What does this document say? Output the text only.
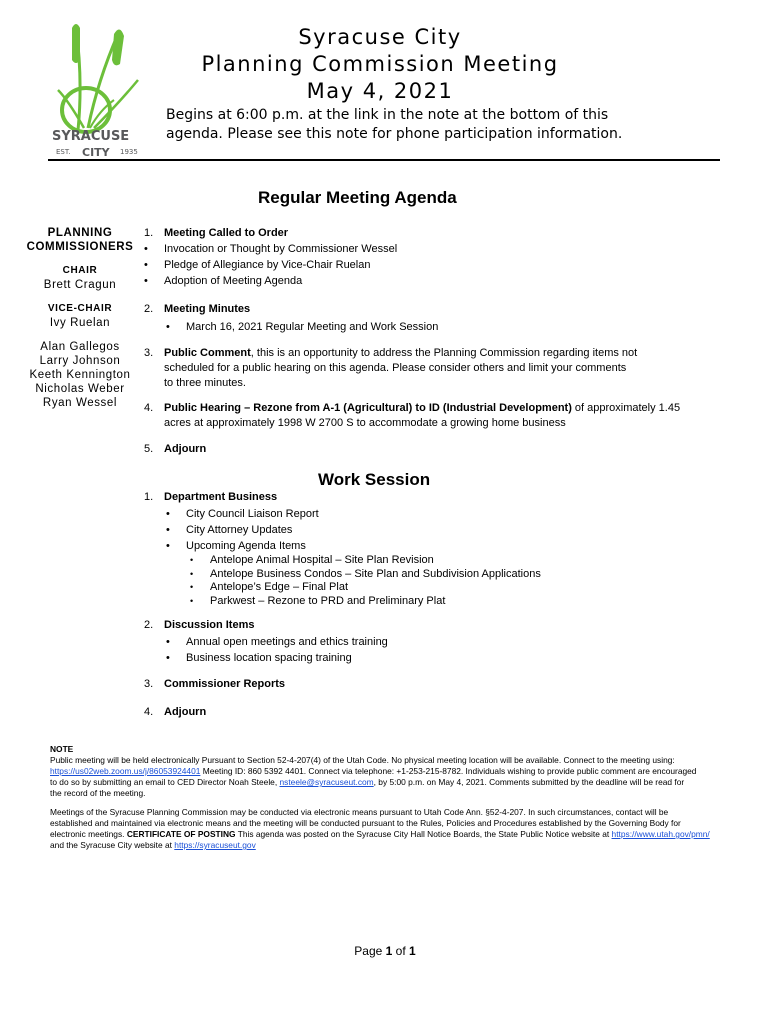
SYRACUSE
EST. CITY 1935
Syracuse City
Planning Commission Meeting
May 4, 2021
Begins at 6:00 p.m. at the link in the note at the bottom of this
agenda. Please see this note for phone participation information.
Regular Meeting Agenda
PLANNING
COMMISSIONERS
CHAIR
Brett Cragun
VICE-CHAIR
Ivy Ruelan
Alan Gallegos
Larry Johnson
Keeth Kennington
Nicholas Weber
Ryan Wessel
1. Meeting Called to Order
• Invocation or Thought by Commissioner Wessel
• Pledge of Allegiance by Vice-Chair Ruelan
• Adoption of Meeting Agenda
2. Meeting Minutes
• March 16, 2021 Regular Meeting and Work Session
3. Public Comment, this is an opportunity to address the Planning Commission regarding items not
scheduled for a public hearing on this agenda. Please consider others and limit your comments
to three minutes.
4. Public Hearing – Rezone from A-1 (Agricultural) to ID (Industrial Development) of approximately 1.45
acres at approximately 1998 W 2700 S to accommodate a growing home business
5. Adjourn
Work Session
1. Department Business
• City Council Liaison Report
• City Attorney Updates
• Upcoming Agenda Items
• Antelope Animal Hospital – Site Plan Revision
• Antelope Business Condos – Site Plan and Subdivision Applications
• Antelope’s Edge – Final Plat
• Parkwest – Rezone to PRD and Preliminary Plat
2. Discussion Items
• Annual open meetings and ethics training
• Business location spacing training
3. Commissioner Reports
4. Adjourn
NOTE
Public meeting will be held electronically Pursuant to Section 52-4-207(4) of the Utah Code. No physical meeting location will be available. Connect to the meeting using:
https://us02web.zoom.us/j/86053924401 Meeting ID: 860 5392 4401. Connect via telephone: +1-253-215-8782. Individuals wishing to provide public comment are encouraged
to do so by submitting an email to CED Director Noah Steele, nsteele@syracuseut.com, by 5:00 p.m. on May 4, 2021. Comments submitted by the deadline will be read for
the record of the meeting.
Meetings of the Syracuse Planning Commission may be conducted via electronic means pursuant to Utah Code Ann. §52-4-207. In such circumstances, contact will be
established and maintained via electronic means and the meeting will be conducted pursuant to the Rules, Policies and Procedures established by the Governing Body for
electronic meetings. CERTIFICATE OF POSTING This agenda was posted on the Syracuse City Hall Notice Boards, the State Public Notice website at https://www.utah.gov/pmn/
and the Syracuse City website at https://syracuseut.gov
Page 1 of 1
